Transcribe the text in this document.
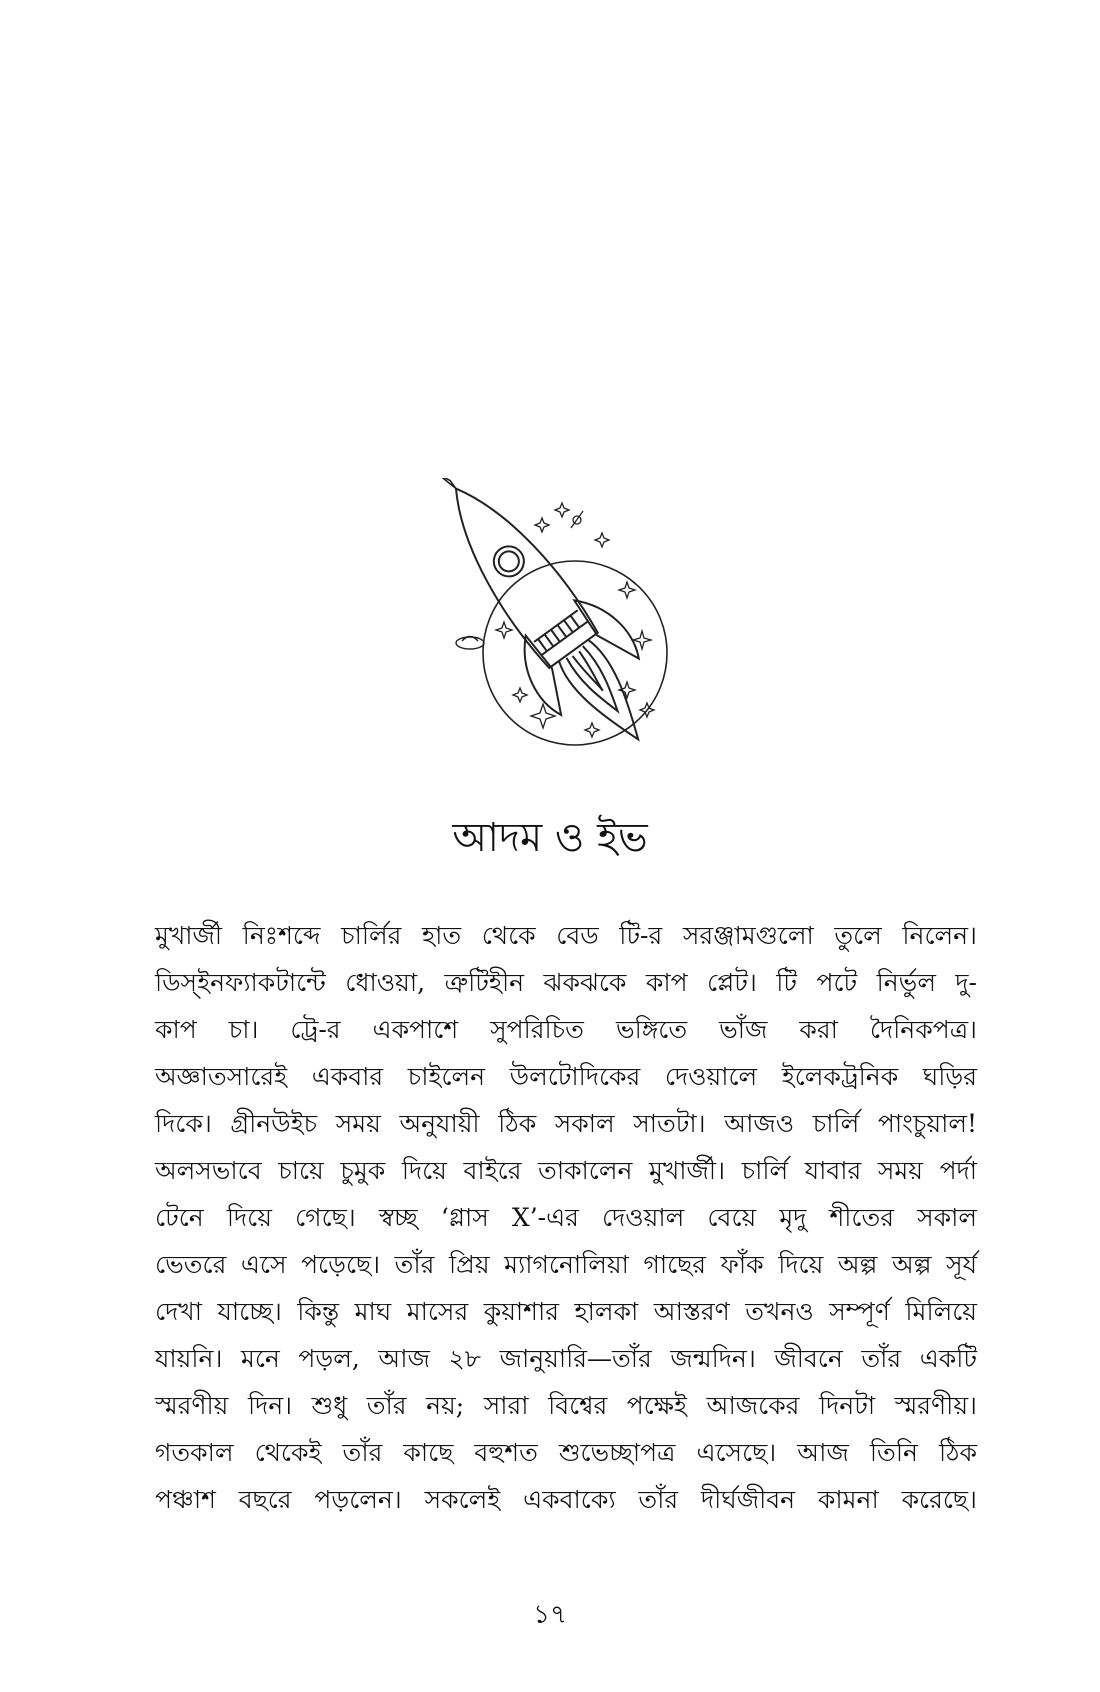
আদম ও ইভ
মুখার্জী নিঃশব্দে চার্লির হাত থেকে বেড টি-র সরঞ্জামগুলো তুলে নিলেন।
ডিস্‌ইনফ্যাকটান্টে ধোওয়া, ত্রুটিহীন ঝকঝকে কাপ প্লেট। টি পটে নির্ভুল দু-
কাপ চা। ট্রে-র একপাশে সুপরিচিত ভঙ্গিতে ভাঁজ করা দৈনিকপত্র।
অজ্ঞাতসারেই একবার চাইলেন উলটোদিকের দেওয়ালে ইলেকট্রনিক ঘড়ির
দিকে। গ্রীনউইচ সময় অনুযায়ী ঠিক সকাল সাতটা। আজও চার্লি পাংচুয়াল!
অলসভাবে চায়ে চুমুক দিয়ে বাইরে তাকালেন মুখার্জী। চার্লি যাবার সময় পর্দা
টেনে দিয়ে গেছে। স্বচ্ছ ‘গ্লাস X’-এর দেওয়াল বেয়ে মৃদু শীতের সকাল
ভেতরে এসে পড়েছে। তাঁর প্রিয় ম্যাগনোলিয়া গাছের ফাঁক দিয়ে অল্প অল্প সূর্য
দেখা যাচ্ছে। কিন্তু মাঘ মাসের কুয়াশার হালকা আস্তরণ তখনও সম্পূর্ণ মিলিয়ে
যায়নি। মনে পড়ল, আজ ২৮ জানুয়ারি—তাঁর জন্মদিন। জীবনে তাঁর একটি
স্মরণীয় দিন। শুধু তাঁর নয়; সারা বিশ্বের পক্ষেই আজকের দিনটা স্মরণীয়।
গতকাল থেকেই তাঁর কাছে বহুশত শুভেচ্ছাপত্র এসেছে। আজ তিনি ঠিক
পঞ্চাশ বছরে পড়লেন। সকলেই একবাক্যে তাঁর দীর্ঘজীবন কামনা করেছে।
১৭
